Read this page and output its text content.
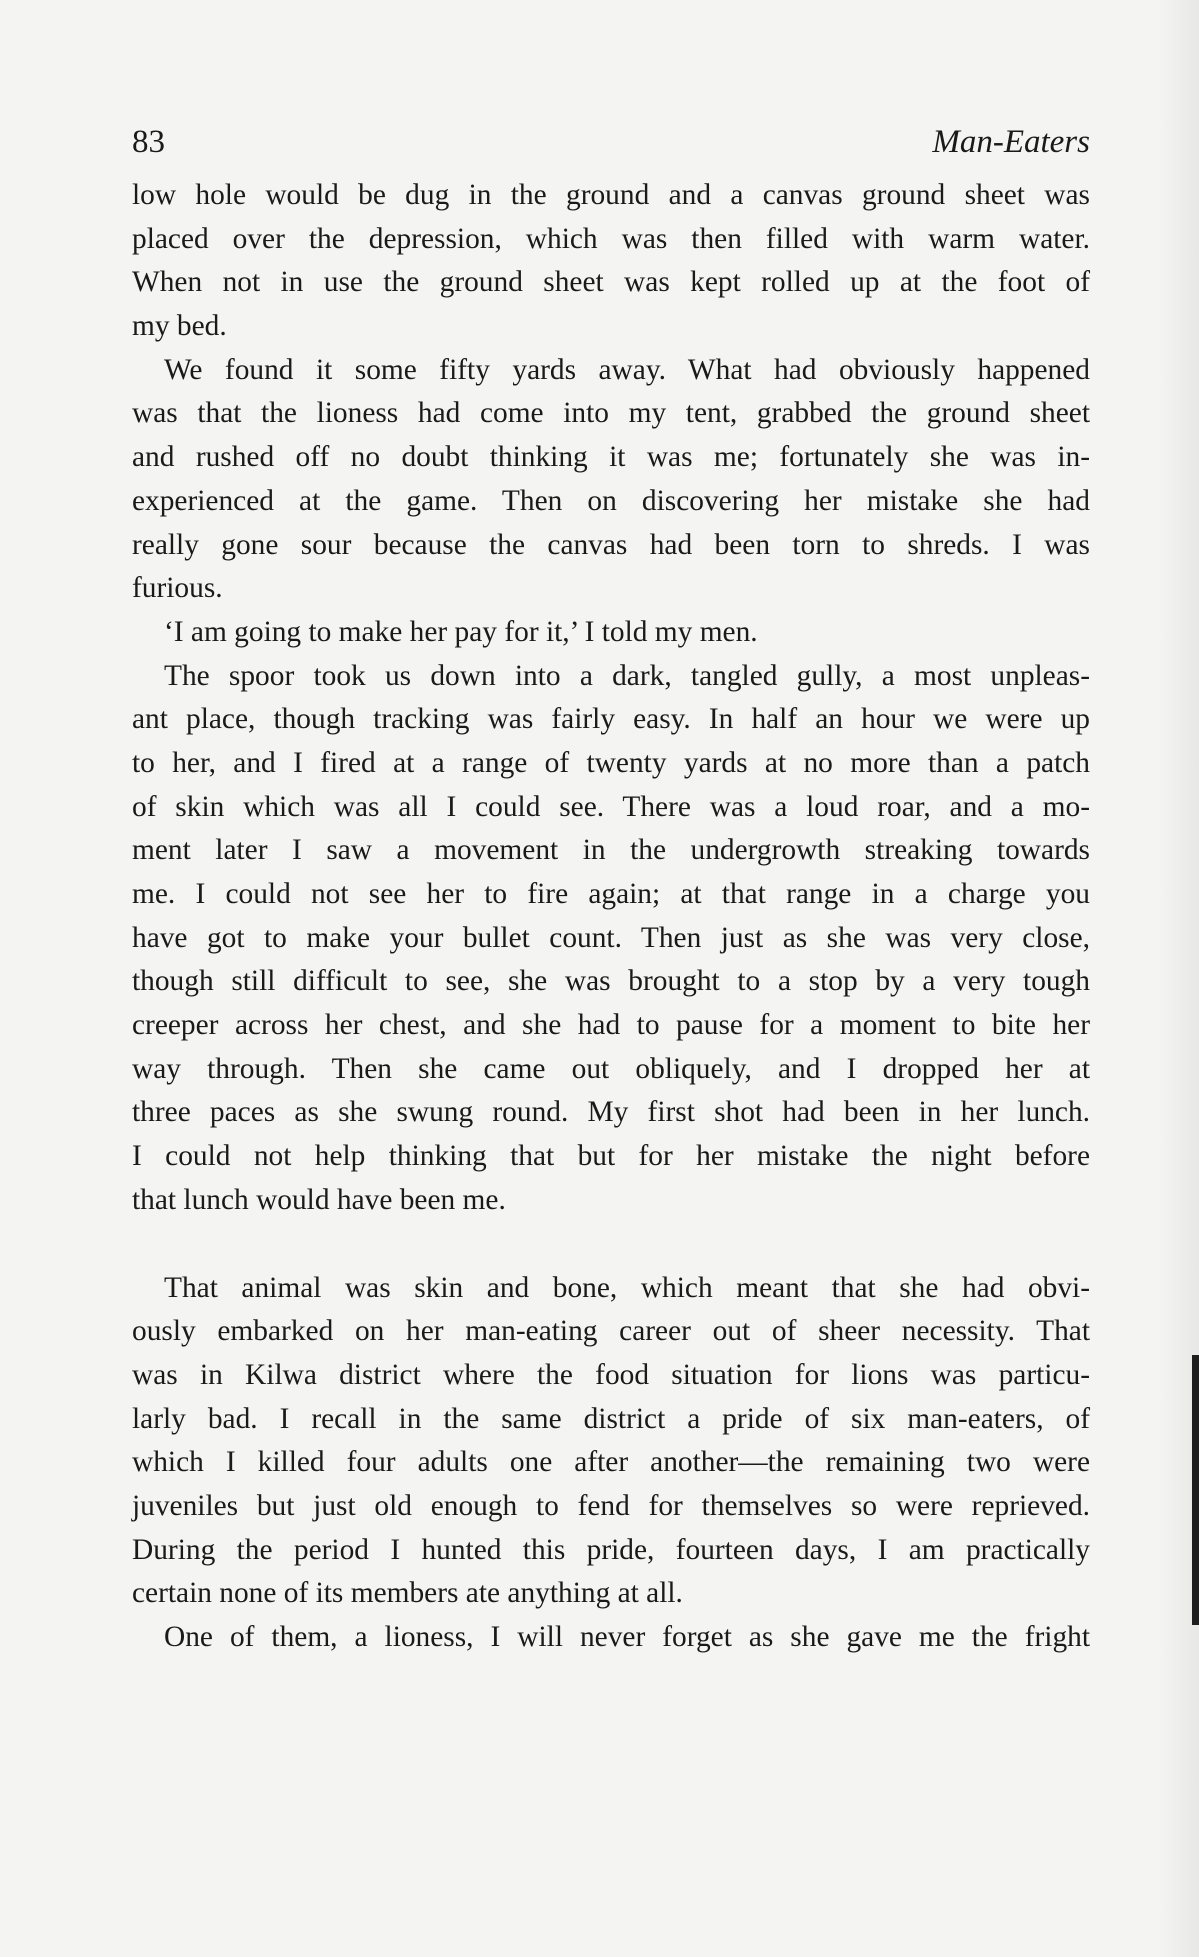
83	Man-Eaters
low hole would be dug in the ground and a canvas ground sheet was
placed over the depression, which was then filled with warm water.
When not in use the ground sheet was kept rolled up at the foot of
my bed.
We found it some fifty yards away. What had obviously happened
was that the lioness had come into my tent, grabbed the ground sheet
and rushed off no doubt thinking it was me; fortunately she was in-
experienced at the game. Then on discovering her mistake she had
really gone sour because the canvas had been torn to shreds. I was
furious.
‘I am going to make her pay for it,’ I told my men.
The spoor took us down into a dark, tangled gully, a most unpleas-
ant place, though tracking was fairly easy. In half an hour we were up
to her, and I fired at a range of twenty yards at no more than a patch
of skin which was all I could see. There was a loud roar, and a mo-
ment later I saw a movement in the undergrowth streaking towards
me. I could not see her to fire again; at that range in a charge you
have got to make your bullet count. Then just as she was very close,
though still difficult to see, she was brought to a stop by a very tough
creeper across her chest, and she had to pause for a moment to bite her
way through. Then she came out obliquely, and I dropped her at
three paces as she swung round. My first shot had been in her lunch.
I could not help thinking that but for her mistake the night before
that lunch would have been me.
That animal was skin and bone, which meant that she had obvi-
ously embarked on her man-eating career out of sheer necessity. That
was in Kilwa district where the food situation for lions was particu-
larly bad. I recall in the same district a pride of six man-eaters, of
which I killed four adults one after another—the remaining two were
juveniles but just old enough to fend for themselves so were reprieved.
During the period I hunted this pride, fourteen days, I am practically
certain none of its members ate anything at all.
One of them, a lioness, I will never forget as she gave me the fright
